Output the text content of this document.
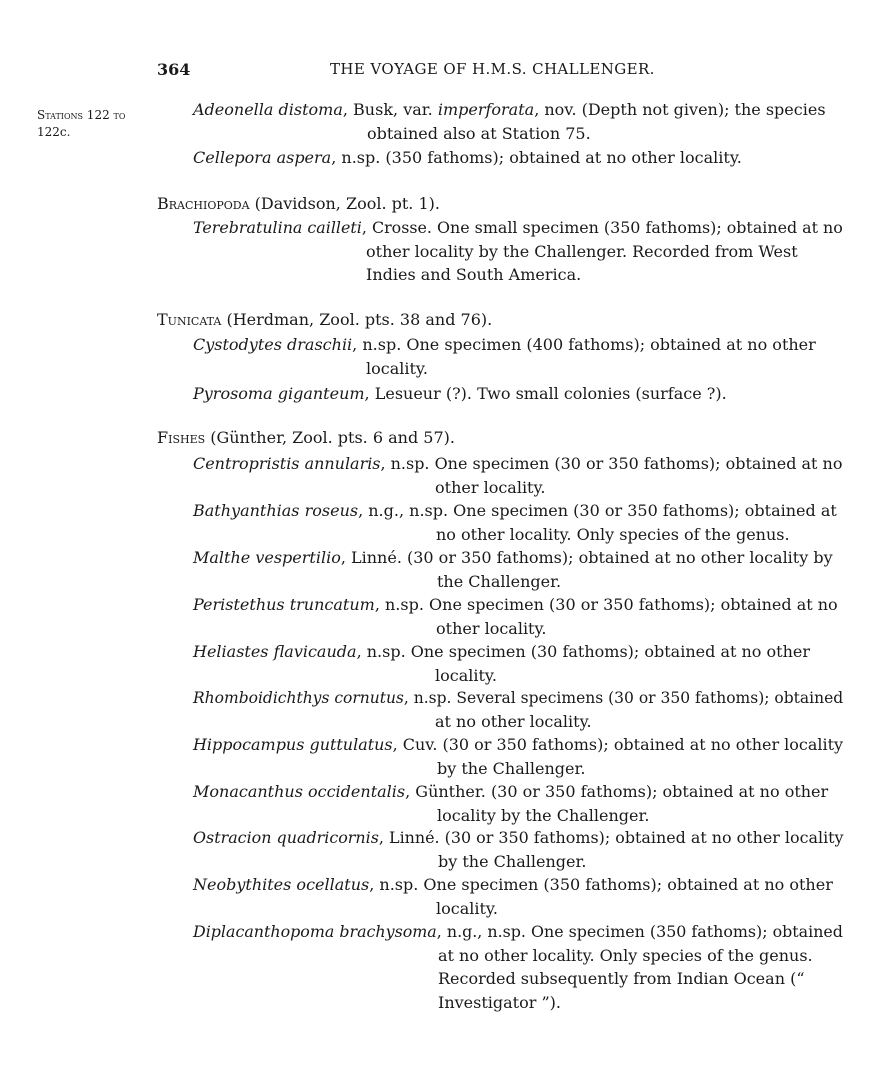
364	THE VOYAGE OF H.M.S. CHALLENGER.
Stations 122 to
122c.
Adeonella distoma, Busk, var. imperforata, nov. (Depth not given); the species
obtained also at Station 75.
Cellepora aspera, n.sp. (350 fathoms); obtained at no other locality.
Brachiopoda (Davidson, Zool. pt. 1).
Terebratulina cailleti, Crosse. One small specimen (350 fathoms); obtained at no
other locality by the Challenger. Recorded from West Indies and South America.
Tunicata (Herdman, Zool. pts. 38 and 76).
Cystodytes draschii, n.sp. One specimen (400 fathoms); obtained at no other
locality.
Pyrosoma giganteum, Lesueur (?). Two small colonies (surface ?).
Fishes (Günther, Zool. pts. 6 and 57).
Centropristis annularis, n.sp. One specimen (30 or 350 fathoms); obtained at no
other locality.
Bathyanthias roseus, n.g., n.sp. One specimen (30 or 350 fathoms); obtained at
no other locality. Only species of the genus.
Malthe vespertilio, Linné. (30 or 350 fathoms); obtained at no other locality by
the Challenger.
Peristethus truncatum, n.sp. One specimen (30 or 350 fathoms); obtained at no
other locality.
Heliastes flavicauda, n.sp. One specimen (30 fathoms); obtained at no other
locality.
Rhomboidichthys cornutus, n.sp. Several specimens (30 or 350 fathoms); obtained
at no other locality.
Hippocampus guttulatus, Cuv. (30 or 350 fathoms); obtained at no other locality
by the Challenger.
Monacanthus occidentalis, Günther. (30 or 350 fathoms); obtained at no other
locality by the Challenger.
Ostracion quadricornis, Linné. (30 or 350 fathoms); obtained at no other locality
by the Challenger.
Neobythites ocellatus, n.sp. One specimen (350 fathoms); obtained at no other
locality.
Diplacanthopoma brachysoma, n.g., n.sp. One specimen (350 fathoms); obtained
at no other locality. Only species of the genus. Recorded subsequently from Indian Ocean (“ Investigator ”).
